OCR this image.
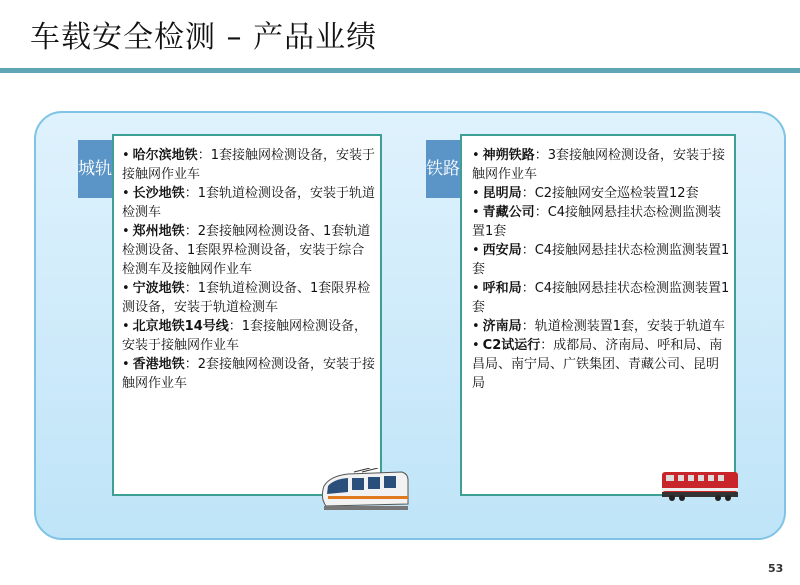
车载安全检测 – 产品业绩
• 哈尔滨地铁：1套接触网检测设备，安装于接触网作业车
• 长沙地铁：1套轨道检测设备，安装于轨道检测车
• 郑州地铁：2套接触网检测设备、1套轨道检测设备、1套限界检测设备，安装于综合检测车及接触网作业车
• 宁波地铁：1套轨道检测设备、1套限界检测设备，安装于轨道检测车
• 北京地铁14号线：1套接触网检测设备，安装于接触网作业车
• 香港地铁：2套接触网检测设备，安装于接触网作业车
• 神朔铁路：3套接触网检测设备，安装于接触网作业车
• 昆明局：C2接触网安全巡检装置12套
• 青藏公司：C4接触网悬挂状态检测监测装置1套
• 西安局：C4接触网悬挂状态检测监测装置1套
• 呼和局：C4接触网悬挂状态检测监测装置1套
• 济南局：轨道检测装置1套，安装于轨道车
• C2试运行：成都局、济南局、呼和局、南昌局、南宁局、广铁集团、青藏公司、昆明局
城轨	铁路
53
